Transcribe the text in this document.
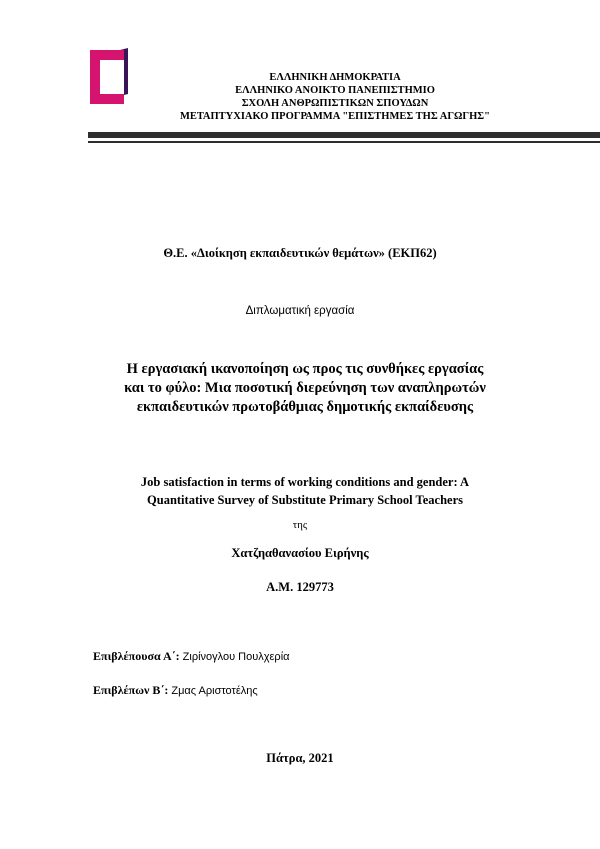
ΕΛΛΗΝΙΚΗ ΔΗΜΟΚΡΑΤΙΑ
ΕΛΛΗΝΙΚΟ ΑΝΟΙΚΤΟ ΠΑΝΕΠΙΣΤΗΜΙΟ
ΣΧΟΛΗ ΑΝΘΡΩΠΙΣΤΙΚΩΝ ΣΠΟΥΔΩΝ
ΜΕΤΑΠΤΥΧΙΑΚΟ ΠΡΟΓΡΑΜΜΑ "ΕΠΙΣΤΗΜΕΣ ΤΗΣ ΑΓΩΓΗΣ"
Θ.Ε. «Διοίκηση εκπαιδευτικών θεμάτων» (ΕΚΠ62)
Διπλωματική εργασία
Η εργασιακή ικανοποίηση ως προς τις συνθήκες εργασίας
και το φύλο: Μια ποσοτική διερεύνηση των αναπληρωτών
εκπαιδευτικών πρωτοβάθμιας δημοτικής εκπαίδευσης
Job satisfaction in terms of working conditions and gender: A
Quantitative Survey of Substitute Primary School Teachers
της
Χατζηαθανασίου Ειρήνης
Α.Μ. 129773
Επιβλέπουσα Α΄: Ζιρίνογλου Πουλχερία
Επιβλέπων Β΄: Ζμας Αριστοτέλης
Πάτρα, 2021
